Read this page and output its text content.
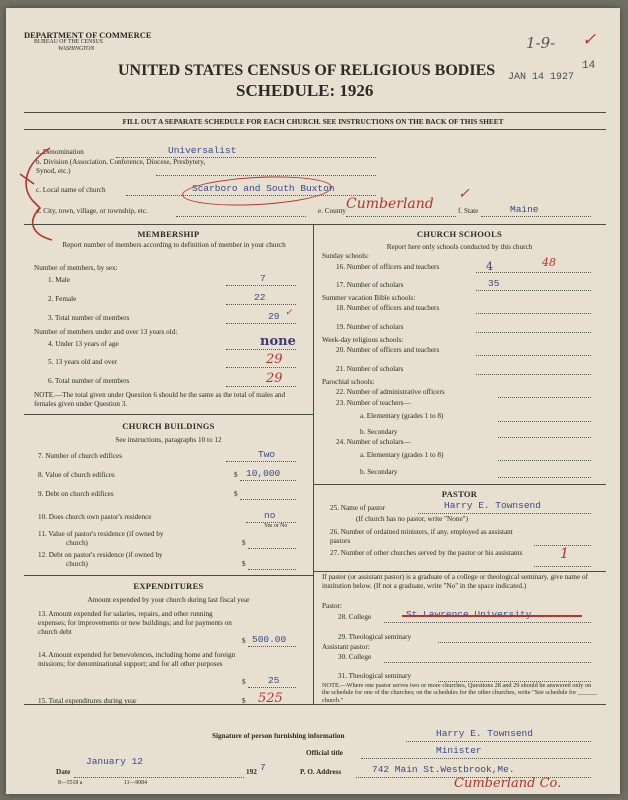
DEPARTMENT OF COMMERCE
BUREAU OF THE CENSUS
WASHINGTON
UNITED STATES CENSUS OF RELIGIOUS BODIES
SCHEDULE: 1926
JAN 14 1927
14
1-9- ✓
FILL OUT A SEPARATE SCHEDULE FOR EACH CHURCH. SEE INSTRUCTIONS ON THE BACK OF THIS SHEET
a. Denomination	Universalist
b. Division (Association, Conference, Diocese, Presbytery, Synod, etc.)
c. Local name of church	Scarboro and South Buxton
d. City, town, village, or township, etc.	e. County Cumberland
✓
f. State	Maine
MEMBERSHIP
Report number of members according to definition of member in your church
Number of members, by sex:
1. Male	7
2. Female	22
3. Total number of members	29 ✓
Number of members under and over 13 years old:
4. Under 13 years of age	none
5. 13 years old and over	29
6. Total number of members	29
NOTE.—The total given under Question 6 should be the same as the total of males and females given under Question 3.
CHURCH BUILDINGS
See instructions, paragraphs 10 to 12
7. Number of church edifices	Two
8. Value of church edifices	$ 10,000
9. Debt on church edifices	$
10. Does church own pastor's residence	no
Yes or No
11. Value of pastor's residence (if owned by
church)	$
12. Debt on pastor's residence (if owned by
church)	$
EXPENDITURES
Amount expended by your church during last fiscal year
13. Amount expended for salaries, repairs, and other running expenses; for improvements or new buildings; and for payments on church debt
$ 500.00
14. Amount expended for benevolences, including home and foreign missions; for denominational support; and for all other purposes
$ 25
15. Total expenditures during year	$ 525
CHURCH SCHOOLS
Report here only schools conducted by this church
Sunday schools:
16. Number of officers and teachers	4	48
17. Number of scholars	35
Summer vacation Bible schools:
18. Number of officers and teachers
19. Number of scholars
Week-day religious schools:
20. Number of officers and teachers
21. Number of scholars
Parochial schools:
22. Number of administrative officers
23. Number of teachers—
a. Elementary (grades 1 to 8)
b. Secondary
24. Number of scholars—
a. Elementary (grades 1 to 8)
b. Secondary
PASTOR
25. Name of pastor	Harry E. Townsend
(If church has no pastor, write "None")
26. Number of ordained ministers, if any, employed as assistant pastors
27. Number of other churches served by the pastor or his assistants	1
If pastor (or assistant pastor) is a graduate of a college or theological seminary, give name of institution below. (If not a graduate, write "No" in the space indicated.)
Pastor:
28. College
29. Theological seminary
Assistant pastor:
30. College
31. Theological seminary
NOTE.—Where one pastor serves two or more churches, Questions 28 and 29 should be answered only on the schedule for one of the churches; on the schedules for the other churches, write "See schedule for ______ church."
Signature of person furnishing information	Harry E. Townsend
Official title	Minister
Date
January 12
192 7	P. O. Address	742 Main St.Westbrook,Me.
8—5518 a	11—9084	Cumberland Co.
